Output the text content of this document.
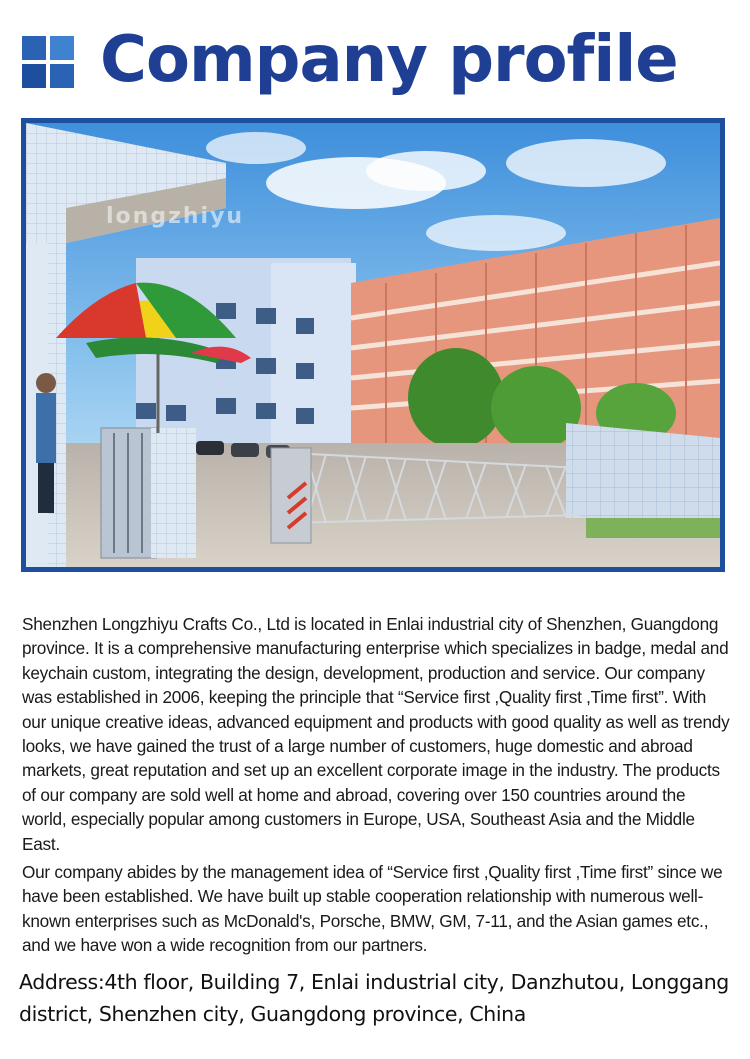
Company profile
longzhiyu

Shenzhen Longzhiyu Crafts Co., Ltd is located in Enlai industrial city of Shenzhen, Guangdong province. It is a comprehensive manufacturing enterprise which specializes in badge, medal and keychain custom, integrating the design, development, production and service. Our company was established in 2006, keeping the principle that “Service first ,Quality first ,Time first”. With our unique creative ideas, advanced equipment and products with good quality as well as trendy looks, we have gained the trust of a large number of customers, huge domestic and abroad markets, great reputation and set up an excellent corporate image in the industry. The products of our company are sold well at home and abroad, covering over 150 countries around the world, especially popular among customers in Europe, USA, Southeast Asia and the Middle East.

Our company abides by the management idea of “Service first ,Quality first ,Time first” since we have been established. We have built up stable cooperation relationship with numerous well-known enterprises such as McDonald's, Porsche, BMW, GM, 7-11, and the Asian games etc., and we have won a wide recognition from our partners.

Address:4th floor, Building 7, Enlai industrial city, Danzhutou, Longgang district, Shenzhen city, Guangdong province, China
